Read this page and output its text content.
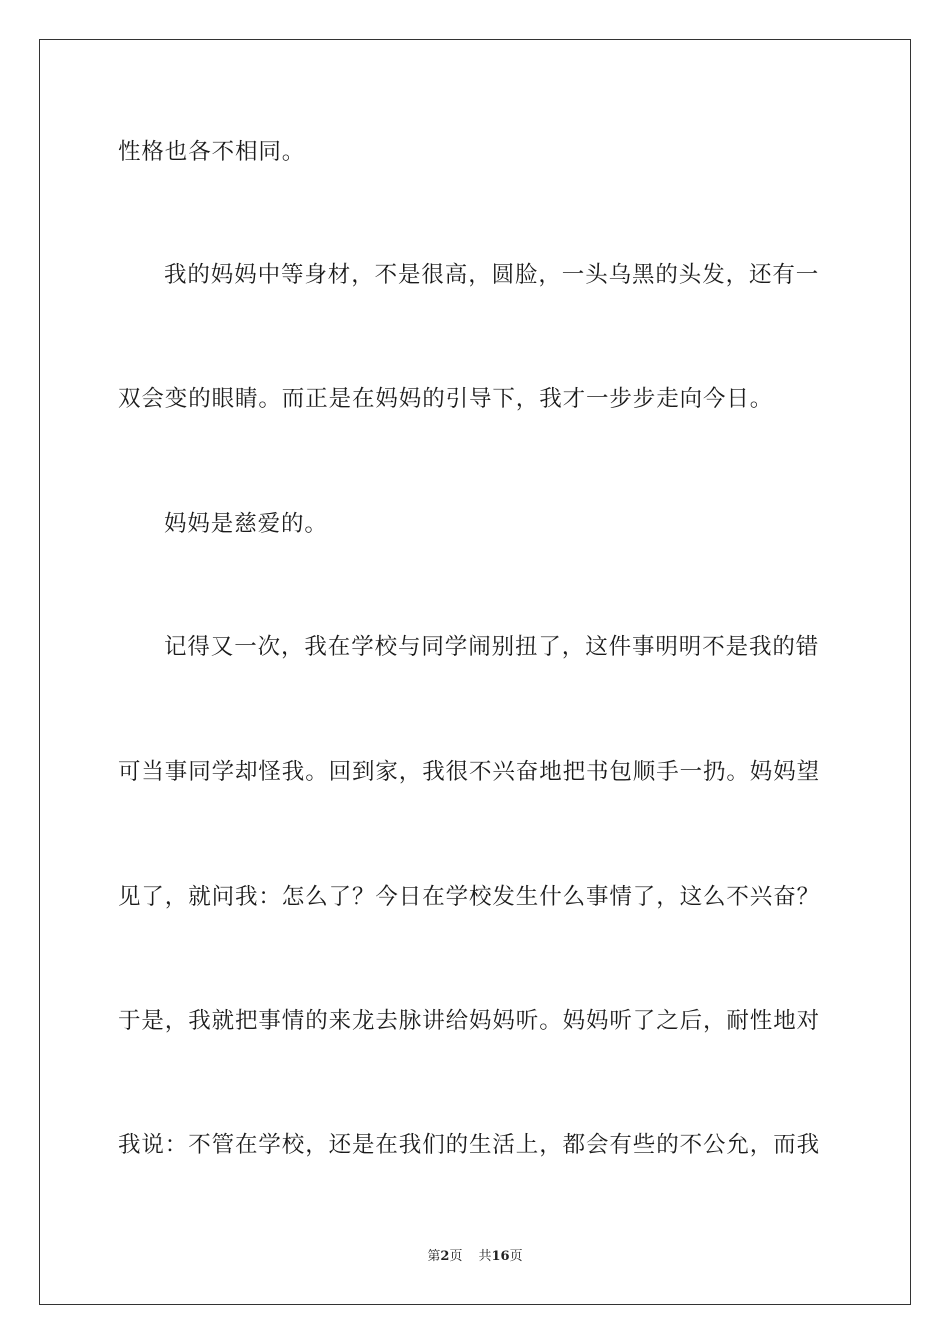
性格也各不相同。
我的妈妈中等身材，不是很高，圆脸，一头乌黑的头发，还有一
双会变的眼睛。而正是在妈妈的引导下，我才一步步走向今日。
妈妈是慈爱的。
记得又一次，我在学校与同学闹别扭了，这件事明明不是我的错
可当事同学却怪我。回到家，我很不兴奋地把书包顺手一扔。妈妈望
见了，就问我：怎么了？今日在学校发生什么事情了，这么不兴奋？
于是，我就把事情的来龙去脉讲给妈妈听。妈妈听了之后，耐性地对
我说：不管在学校，还是在我们的生活上，都会有些的不公允，而我
第2页 共16页
